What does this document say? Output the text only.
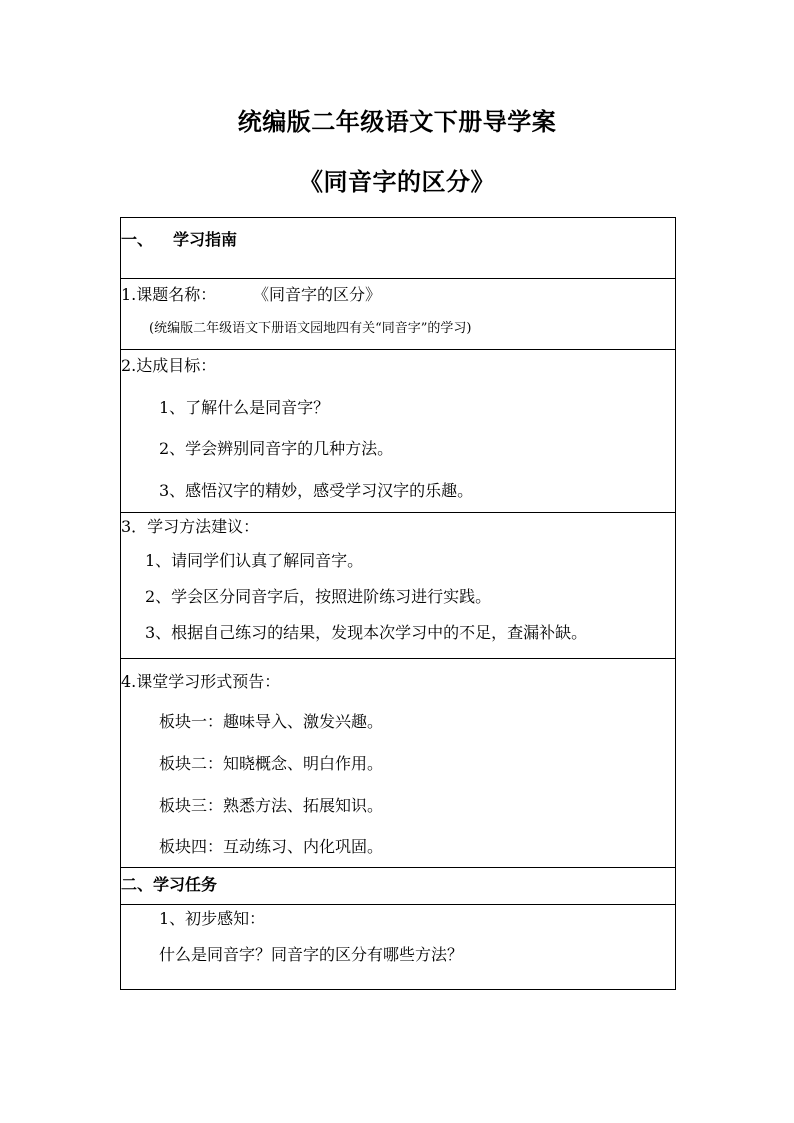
统编版二年级语文下册导学案
《同音字的区分》
一、 学习指南
1.课题名称： 《同音字的区分》
(统编版二年级语文下册语文园地四有关“同音字”的学习)
2.达成目标：
1、了解什么是同音字？
2、学会辨别同音字的几种方法。
3、感悟汉字的精妙，感受学习汉字的乐趣。
3．学习方法建议：
1、请同学们认真了解同音字。
2、学会区分同音字后，按照进阶练习进行实践。
3、根据自己练习的结果，发现本次学习中的不足，查漏补缺。
4.课堂学习形式预告：
板块一：趣味导入、激发兴趣。
板块二：知晓概念、明白作用。
板块三：熟悉方法、拓展知识。
板块四：互动练习、内化巩固。
二、学习任务
1、初步感知：
什么是同音字？同音字的区分有哪些方法？
